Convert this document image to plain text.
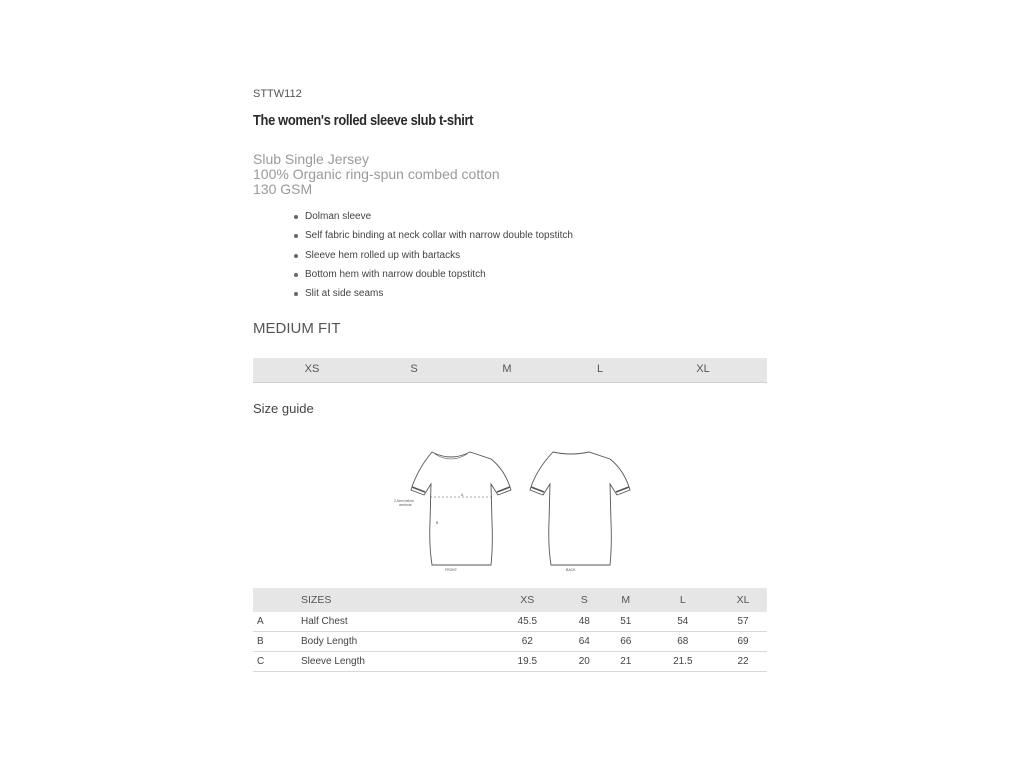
STTW112
The women's rolled sleeve slub t-shirt
Slub Single Jersey
100% Organic ring-spun combed cotton
130 GSM
Dolman sleeve
Self fabric binding at neck collar with narrow double topstitch
Sleeve hem rolled up with bartacks
Bottom hem with narrow double topstitch
Slit at side seams
MEDIUM FIT
XS	S	M	L	XL
Size guide
2,5cm below
armhole
A
B
FRONT	BACK
	SIZES	XS	S	M	L	XL
A	Half Chest	45.5	48	51	54	57
B	Body Length	62	64	66	68	69
C	Sleeve Length	19.5	20	21	21.5	22
